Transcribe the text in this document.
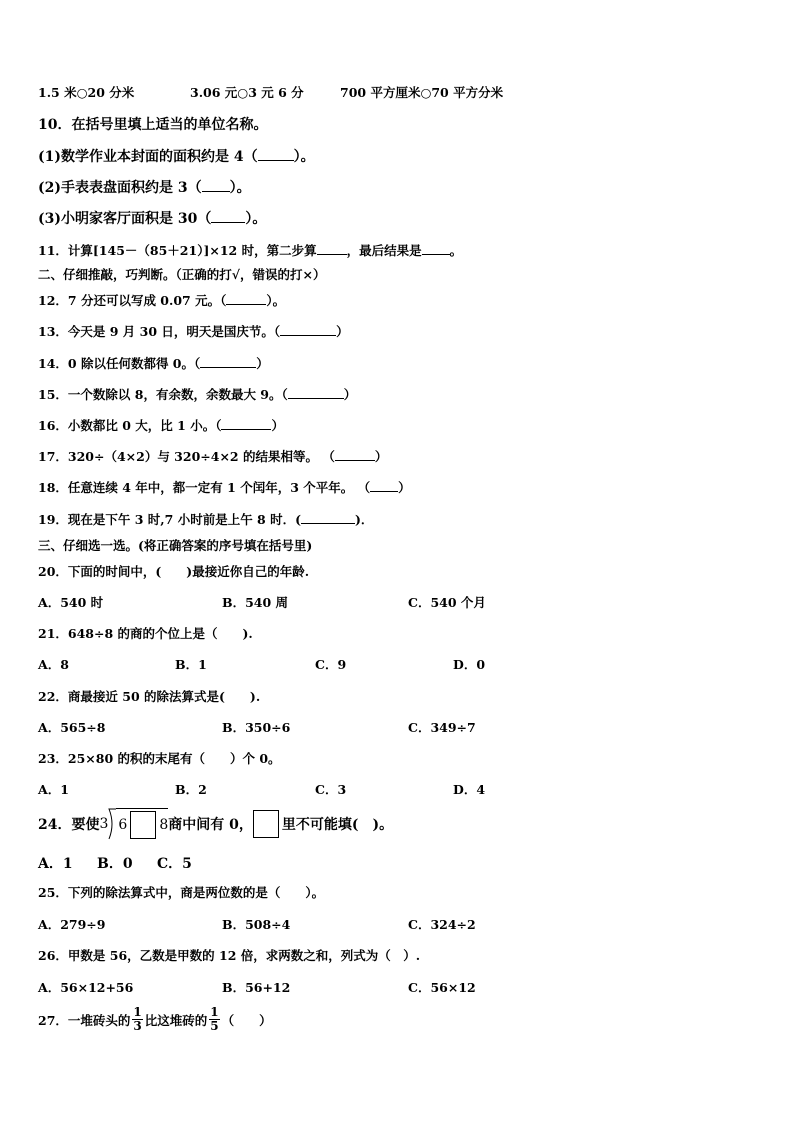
1.5 米○20 分米	3.06 元○3 元 6 分	700 平方厘米○70 平方分米
10．在括号里填上适当的单位名称。
(1)数学作业本封面的面积约是 4（	）。
(2)手表表盘面积约是 3（ ）。
(3)小明家客厅面积是 30（ ）。
11．计算[145－（85＋21）]×12 时，第二步算 ，最后结果是 。
二、仔细推敲，巧判断。（正确的打√，错误的打×）
12．7 分还可以写成 0.07 元。（	）。
13．今天是 9 月 30 日，明天是国庆节。（	）
14．0 除以任何数都得 0。（	）
15．一个数除以 8，有余数，余数最大 9。（	）
16．小数都比 0 大，比 1 小。（	）
17．320÷（4×2）与 320÷4×2 的结果相等。 （	）
18．任意连续 4 年中，都一定有 1 个闰年，3 个平年。 （ ）
19．现在是下午 3 时,7 小时前是上午 8 时．(	)．
三、仔细选一选。(将正确答案的序号填在括号里)
20．下面的时间中，(　　)最接近你自己的年龄.
A．540 时	B．540 周	C．540 个月
21．648÷8 的商的个位上是（　　).
A．8	B．1	C．9	D．0
22．商最接近 50 的除法算式是(　　).
A．565÷8	B．350÷6	C．349÷7
23．25×80 的积的末尾有（　　）个 0。
A．1	B．2	C．3	D．4
24．要使 3 6 8 商中间有 0， 里不可能填(　)。
A．1 B．0 C．5
25．下列的除法算式中，商是两位数的是（　　）。
A．279÷9	B．508÷4	C．324÷2
26．甲数是 56，乙数是甲数的 12 倍，求两数之和，列式为（　）.
A．56×12+56	B．56+12	C．56×12
27．一堆砖头的 $\frac{1}{3}$ 比这堆砖的 $\frac{1}{5}$ （　　）
